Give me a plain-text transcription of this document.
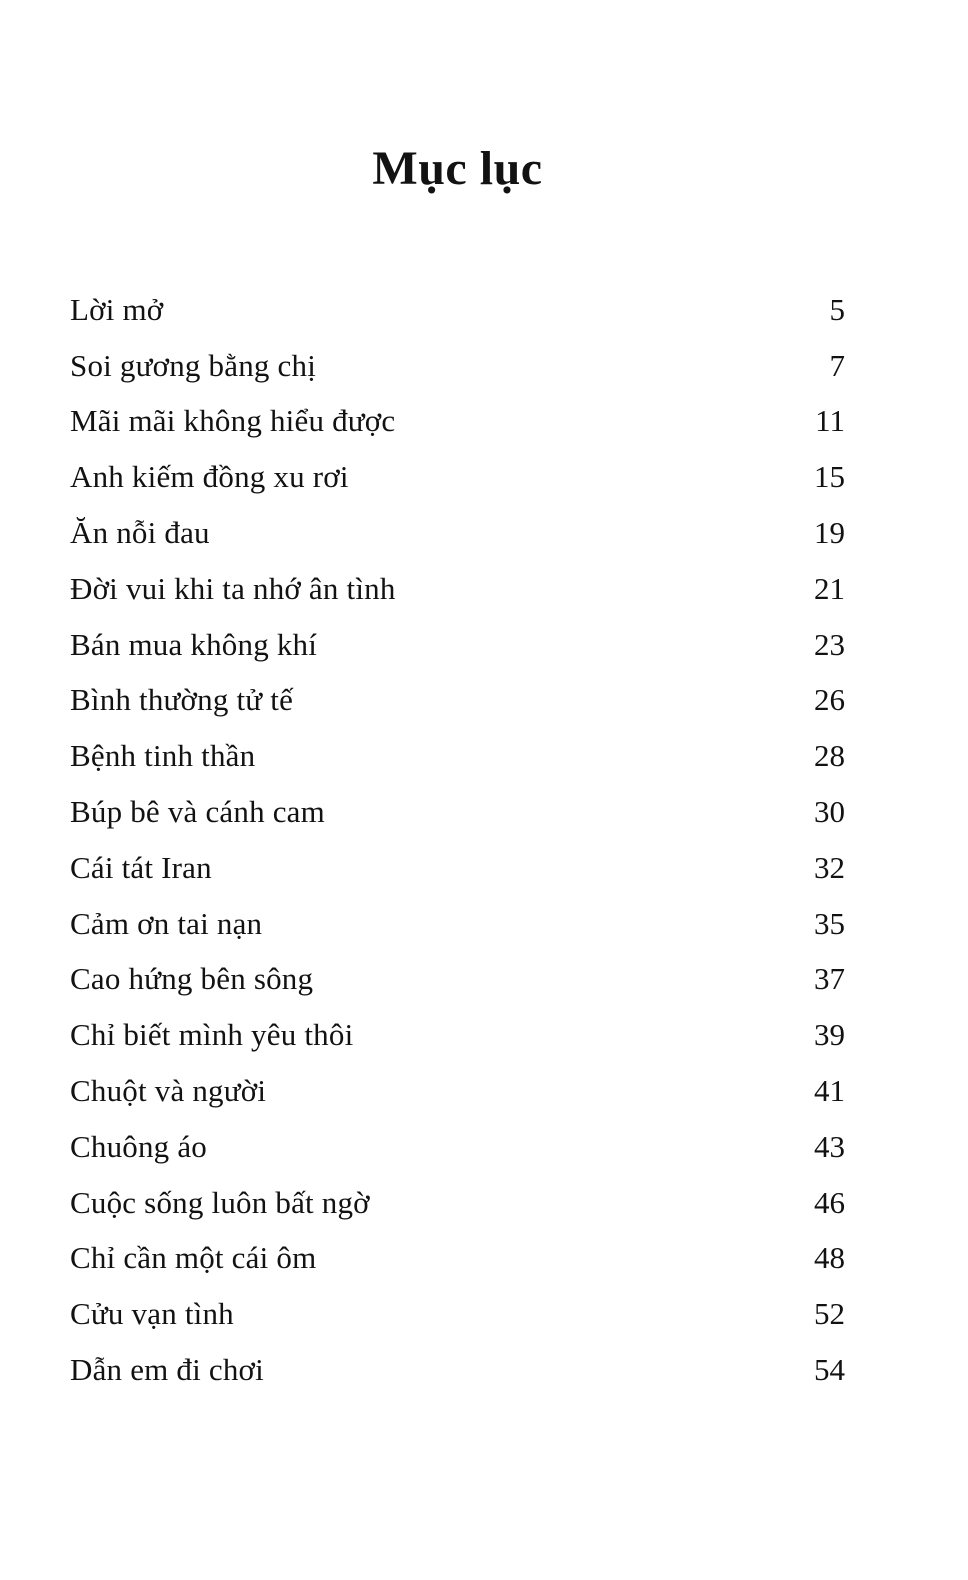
Mục lục
Lời mở	5
Soi gương bằng chị	7
Mãi mãi không hiểu được	11
Anh kiếm đồng xu rơi	15
Ăn nỗi đau	19
Đời vui khi ta nhớ ân tình	21
Bán mua không khí	23
Bình thường tử tế	26
Bệnh tinh thần	28
Búp bê và cánh cam	30
Cái tát Iran	32
Cảm ơn tai nạn	35
Cao hứng bên sông	37
Chỉ biết mình yêu thôi	39
Chuột và người	41
Chuông áo	43
Cuộc sống luôn bất ngờ	46
Chỉ cần một cái ôm	48
Cửu vạn tình	52
Dẫn em đi chơi	54
